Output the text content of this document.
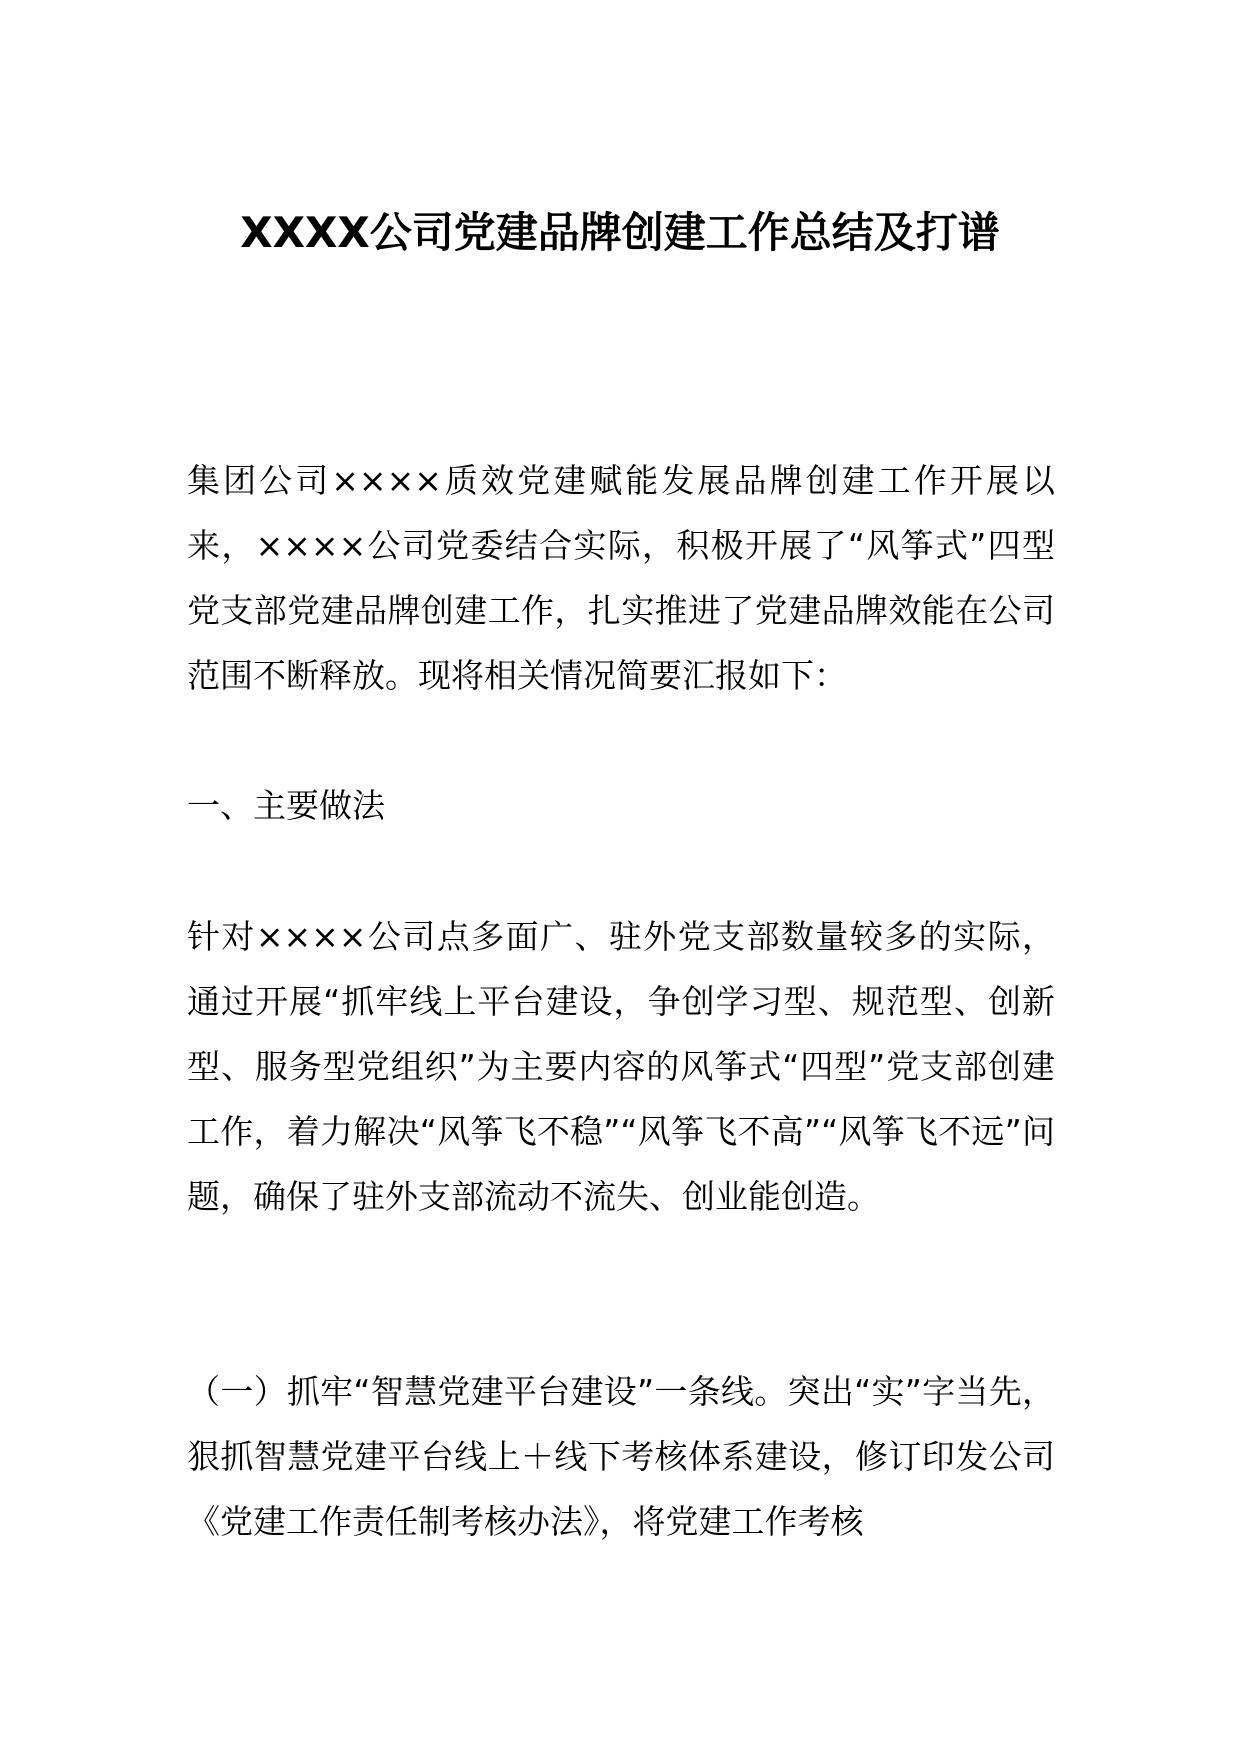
XXXX公司党建品牌创建工作总结及打谱
集团公司××××质效党建赋能发展品牌创建工作开展以来，××××公司党委结合实际，积极开展了“风筝式”四型党支部党建品牌创建工作，扎实推进了党建品牌效能在公司范围不断释放。现将相关情况简要汇报如下：
一、主要做法
针对××××公司点多面广、驻外党支部数量较多的实际，通过开展“抓牢线上平台建设，争创学习型、规范型、创新型、服务型党组织”为主要内容的风筝式“四型”党支部创建工作，着力解决“风筝飞不稳”“风筝飞不高”“风筝飞不远”问题，确保了驻外支部流动不流失、创业能创造。
（一）抓牢“智慧党建平台建设”一条线。突出“实”字当先，狠抓智慧党建平台线上＋线下考核体系建设，修订印发公司《党建工作责任制考核办法》，将党建工作考核
